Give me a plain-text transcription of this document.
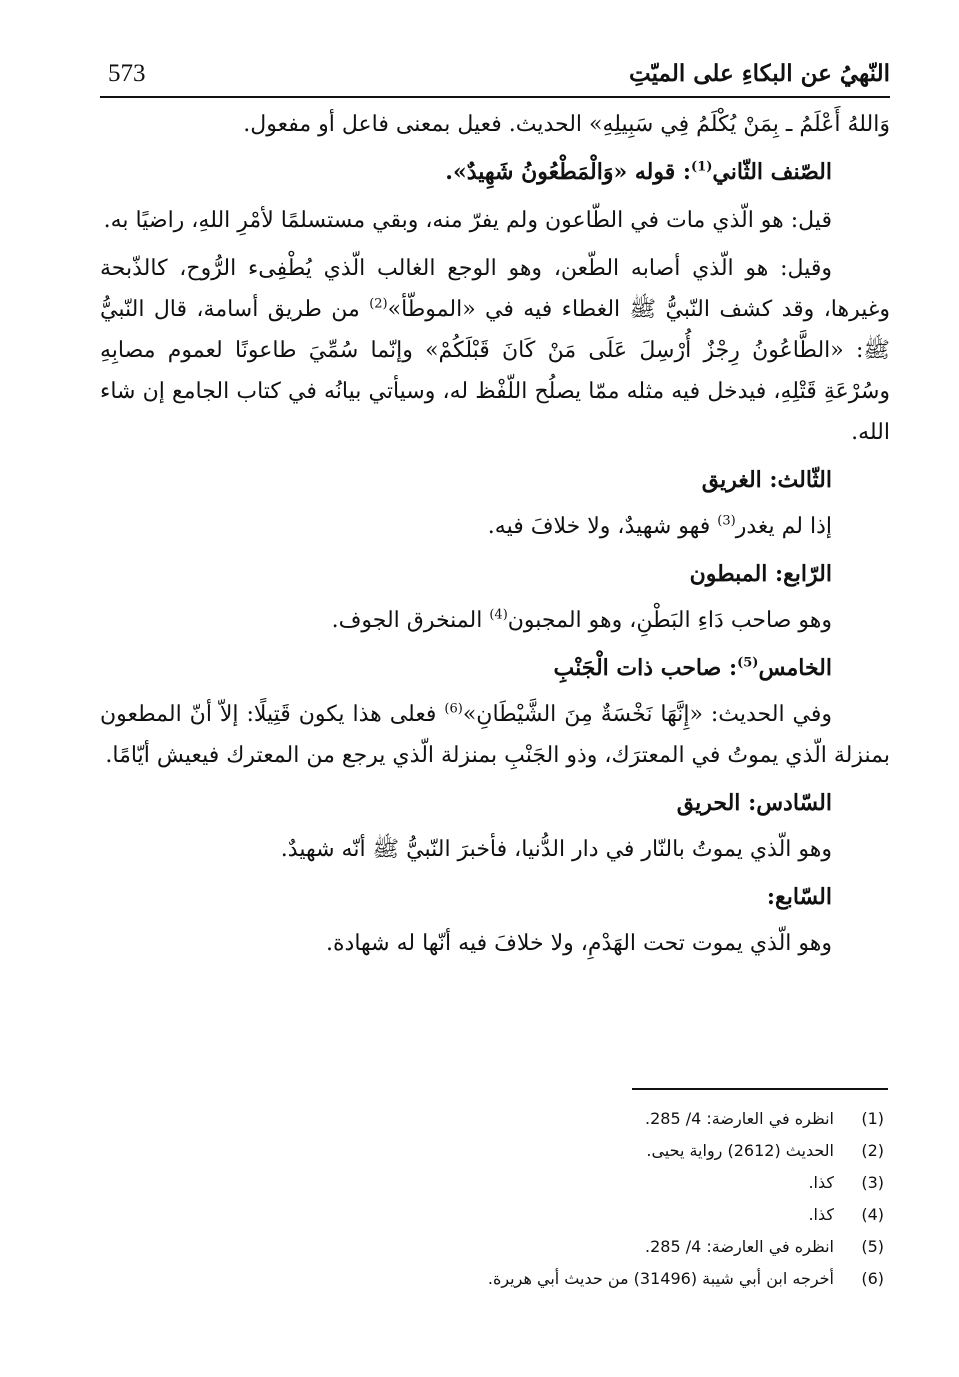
النّهيُ عن البكاءِ على الميّتِ
573

وَاللهُ أَعْلَمُ ـ بِمَنْ يُكْلَمُ فِي سَبِيلِهِ» الحديث. فعيل بمعنى فاعل أو مفعول.

الصّنف الثّاني$^{(1)}$: قوله «وَالْمَطْعُونُ شَهِيدٌ».

قيل: هو الّذي مات في الطّاعون ولم يفرّ منه، وبقي مستسلمًا لأمْرِ اللهِ، راضيًا به.

وقيل: هو الّذي أصابه الطّعن، وهو الوجع الغالب الّذي يُطْفِىء الرُّوح، كالذّبحة وغيرها، وقد كشف النّبيُّ ﷺ الغطاء فيه في «الموطّأ»$^{(2)}$ من طريق أسامة، قال النّبيُّ ﷺ: «الطَّاعُونُ رِجْزٌ أُرْسِلَ عَلَى مَنْ كَانَ قَبْلَكُمْ» وإنّما سُمِّيَ طاعونًا لعموم مصابِهِ وسُرْعَةِ قَتْلِهِ، فيدخل فيه مثله ممّا يصلُح اللّفْظ له، وسيأتي بيانُه في كتاب الجامع إن شاء الله.

الثّالث: الغريق

إذا لم يغدر$^{(3)}$ فهو شهيدٌ، ولا خلافَ فيه.

الرّابع: المبطون

وهو صاحب دَاءِ البَطْنِ، وهو المجبون$^{(4)}$ المنخرق الجوف.

الخامس$^{(5)}$: صاحب ذات الْجَنْبِ

وفي الحديث: «إِنَّهَا نَخْسَةٌ مِنَ الشَّيْطَانِ»$^{(6)}$ فعلى هذا يكون قَتِيلًا: إلاّ أنّ المطعون بمنزلة الّذي يموتُ في المعترَك، وذو الجَنْبِ بمنزلة الّذي يرجع من المعترك فيعيش أيّامًا.

السّادس: الحريق

وهو الّذي يموتُ بالنّار في دار الدُّنيا، فأخبرَ النّبيُّ ﷺ أنّه شهيدٌ.

السّابع:

وهو الّذي يموت تحت الهَدْمِ، ولا خلافَ فيه أنّها له شهادة.

(1)
انظره في العارضة: 4/ 285.
(2)
الحديث (2612) رواية يحيى.
(3)
كذا.
(4)
كذا.
(5)
انظره في العارضة: 4/ 285.
(6)
أخرجه ابن أبي شيبة (31496) من حديث أبي هريرة.
